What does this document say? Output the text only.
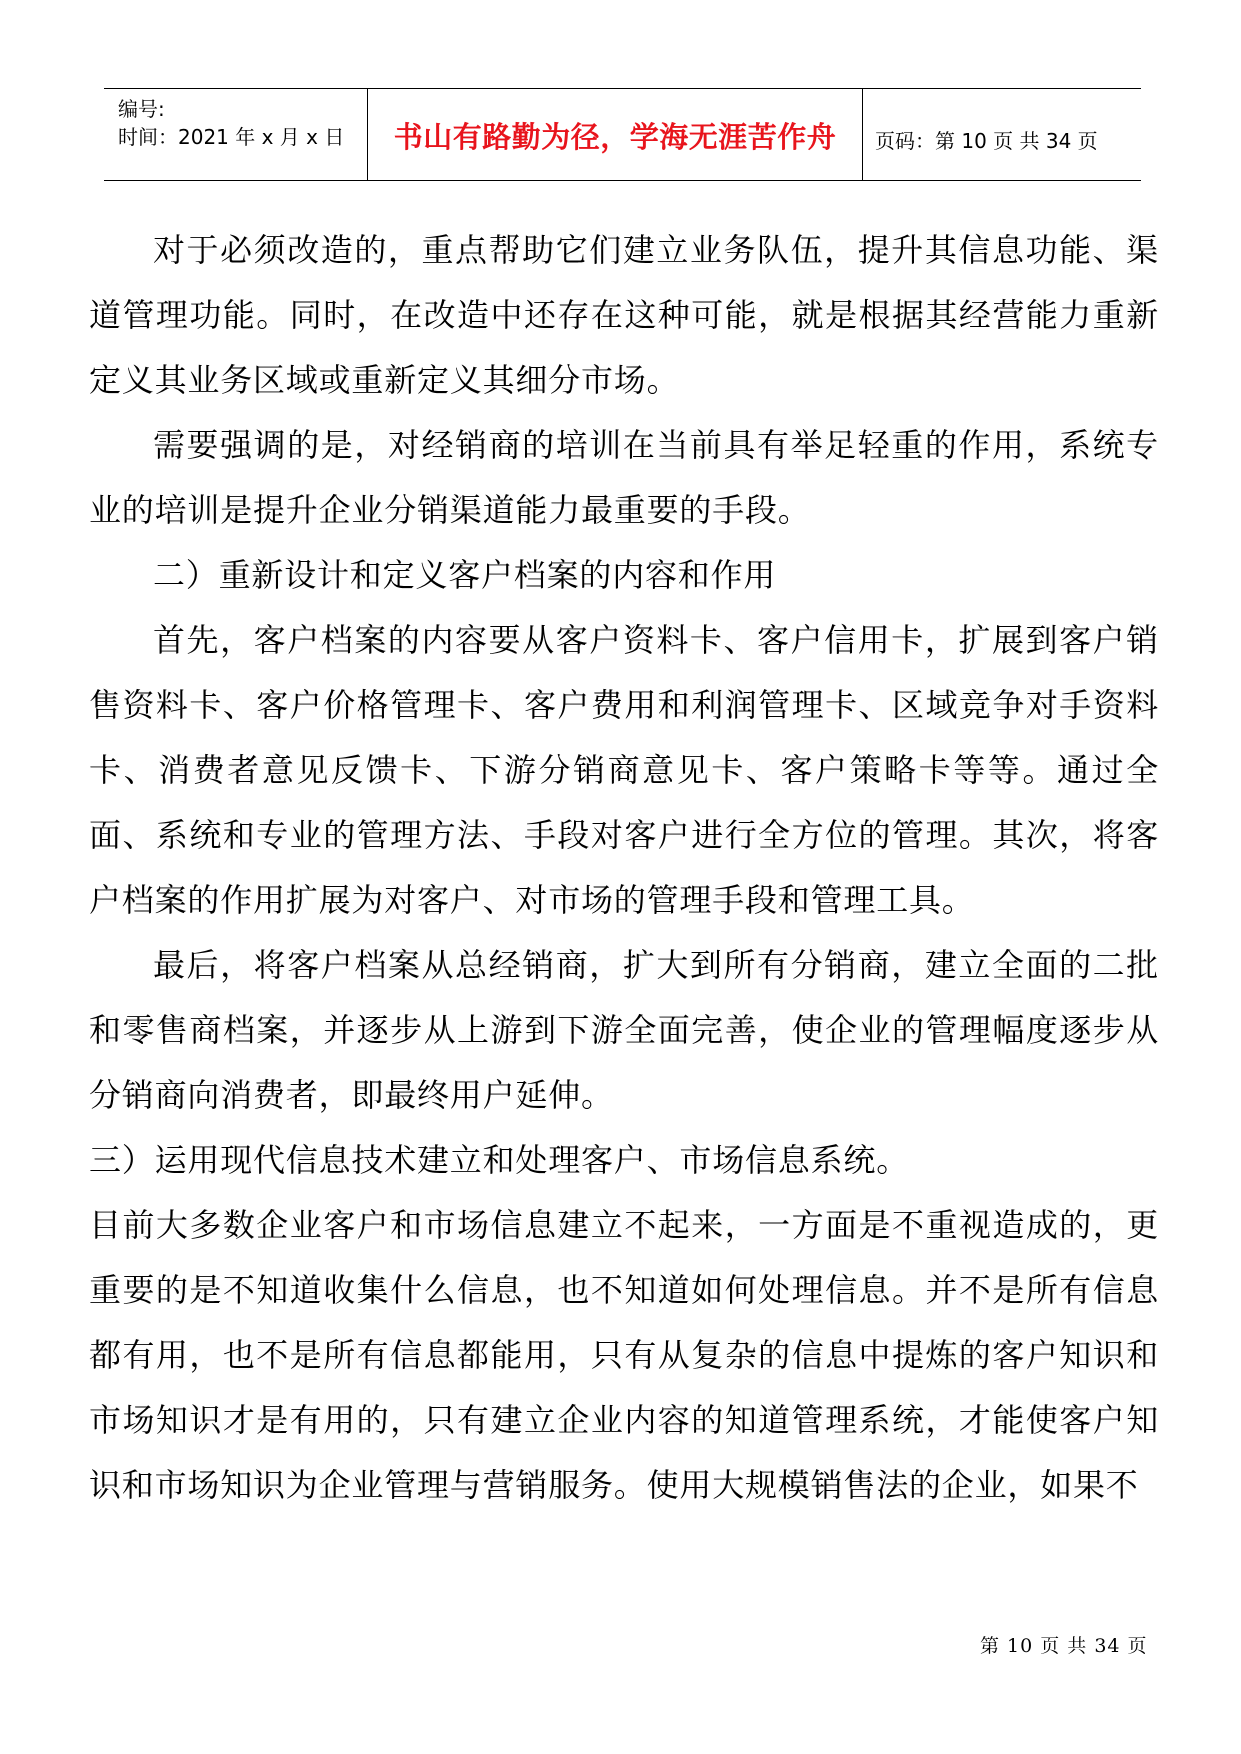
编号:
时间：2021 年 x 月 x 日	书山有路勤为径，学海无涯苦作舟	页码：第 10 页 共 34 页

对于必须改造的，重点帮助它们建立业务队伍，提升其信息功能、渠道管理功能。同时，在改造中还存在这种可能，就是根据其经营能力重新定义其业务区域或重新定义其细分市场。

需要强调的是，对经销商的培训在当前具有举足轻重的作用，系统专业的培训是提升企业分销渠道能力最重要的手段。

二）重新设计和定义客户档案的内容和作用

首先，客户档案的内容要从客户资料卡、客户信用卡，扩展到客户销售资料卡、客户价格管理卡、客户费用和利润管理卡、区域竞争对手资料卡、消费者意见反馈卡、下游分销商意见卡、客户策略卡等等。通过全面、系统和专业的管理方法、手段对客户进行全方位的管理。其次，将客户档案的作用扩展为对客户、对市场的管理手段和管理工具。

最后，将客户档案从总经销商，扩大到所有分销商，建立全面的二批和零售商档案，并逐步从上游到下游全面完善，使企业的管理幅度逐步从分销商向消费者，即最终用户延伸。

三）运用现代信息技术建立和处理客户、市场信息系统。

目前大多数企业客户和市场信息建立不起来，一方面是不重视造成的，更重要的是不知道收集什么信息，也不知道如何处理信息。并不是所有信息都有用，也不是所有信息都能用，只有从复杂的信息中提炼的客户知识和市场知识才是有用的，只有建立企业内容的知道管理系统，才能使客户知识和市场知识为企业管理与营销服务。使用大规模销售法的企业，如果不

第 10 页 共 34 页
